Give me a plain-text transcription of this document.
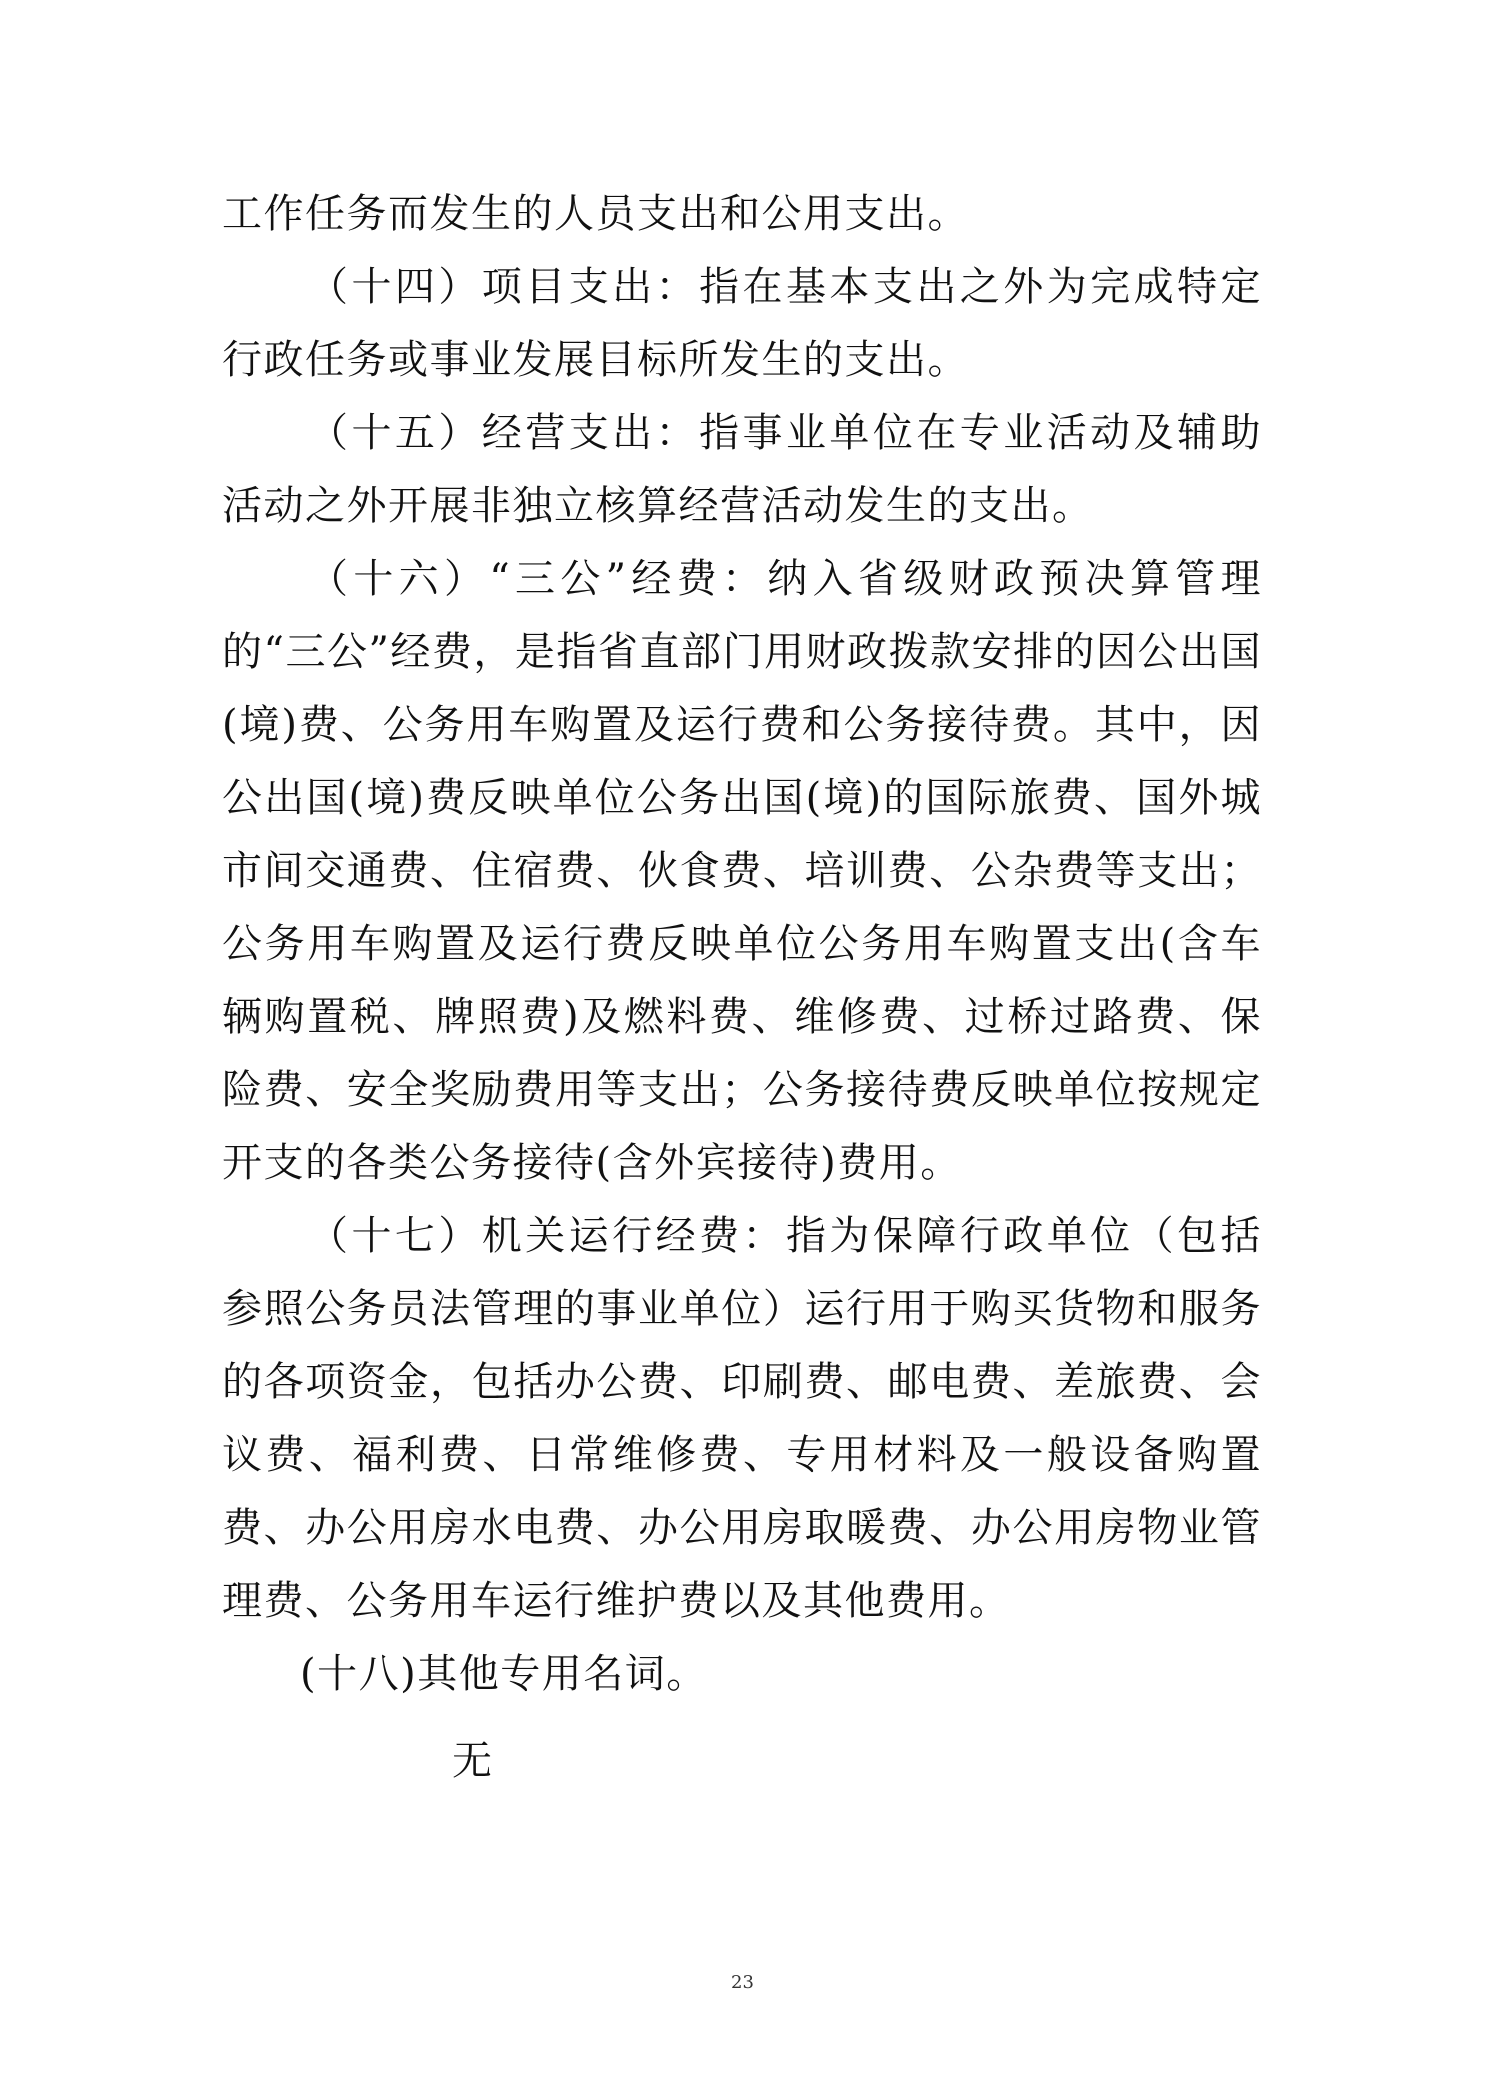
工作任务而发生的人员支出和公用支出。

（十四）项目支出：指在基本支出之外为完成特定行政任务或事业发展目标所发生的支出。

（十五）经营支出：指事业单位在专业活动及辅助活动之外开展非独立核算经营活动发生的支出。

（十六）“三公”经费：纳入省级财政预决算管理的“三公”经费，是指省直部门用财政拨款安排的因公出国(境)费、公务用车购置及运行费和公务接待费。其中，因公出国(境)费反映单位公务出国(境)的国际旅费、国外城市间交通费、住宿费、伙食费、培训费、公杂费等支出；公务用车购置及运行费反映单位公务用车购置支出(含车辆购置税、牌照费)及燃料费、维修费、过桥过路费、保险费、安全奖励费用等支出；公务接待费反映单位按规定开支的各类公务接待(含外宾接待)费用。

（十七）机关运行经费：指为保障行政单位（包括参照公务员法管理的事业单位）运行用于购买货物和服务的各项资金，包括办公费、印刷费、邮电费、差旅费、会议费、福利费、日常维修费、专用材料及一般设备购置费、办公用房水电费、办公用房取暖费、办公用房物业管理费、公务用车运行维护费以及其他费用。

(十八)其他专用名词。

无

23
